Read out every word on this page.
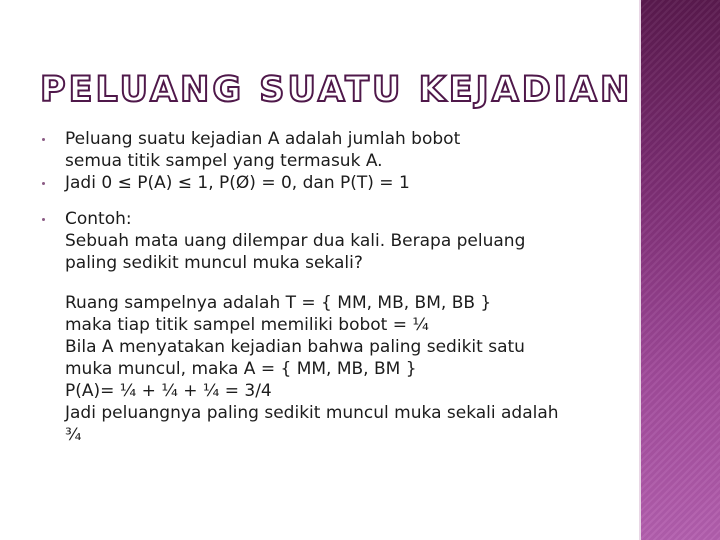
PELUANG SUATU KEJADIAN
Peluang suatu kejadian A adalah jumlah bobot
semua titik sampel yang termasuk A.
Jadi 0 ≤ P(A) ≤ 1, P(Ø) = 0, dan P(T) = 1
Contoh:
Sebuah mata uang dilempar dua kali. Berapa peluang
paling sedikit muncul muka sekali?
Ruang sampelnya adalah T = { MM, MB, BM, BB }
maka tiap titik sampel memiliki bobot = ¼
Bila A menyatakan kejadian bahwa paling sedikit satu
muka muncul, maka A = { MM, MB, BM }
P(A)= ¼ + ¼ + ¼ = 3/4
Jadi peluangnya paling sedikit muncul muka sekali adalah
¾
